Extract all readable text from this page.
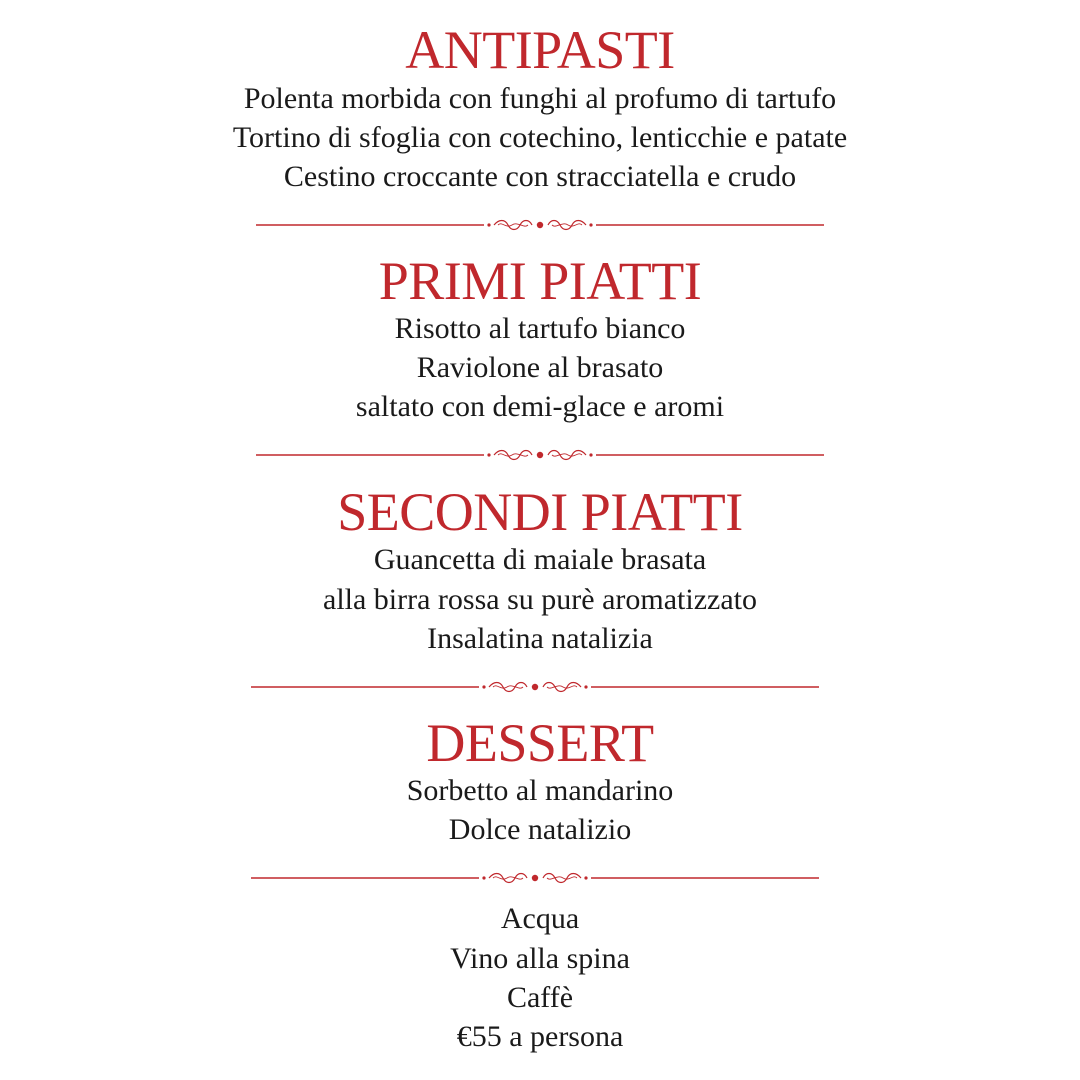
ANTIPASTI
Polenta morbida con funghi al profumo di tartufo
Tortino di sfoglia con cotechino, lenticchie e patate
Cestino croccante con stracciatella e crudo
PRIMI PIATTI
Risotto al tartufo bianco
Raviolone al brasato
saltato con demi-glace e aromi
SECONDI PIATTI
Guancetta di maiale brasata
alla birra rossa su purè aromatizzato
Insalatina natalizia
DESSERT
Sorbetto al mandarino
Dolce natalizio
Acqua
Vino alla spina
Caffè
€55 a persona
